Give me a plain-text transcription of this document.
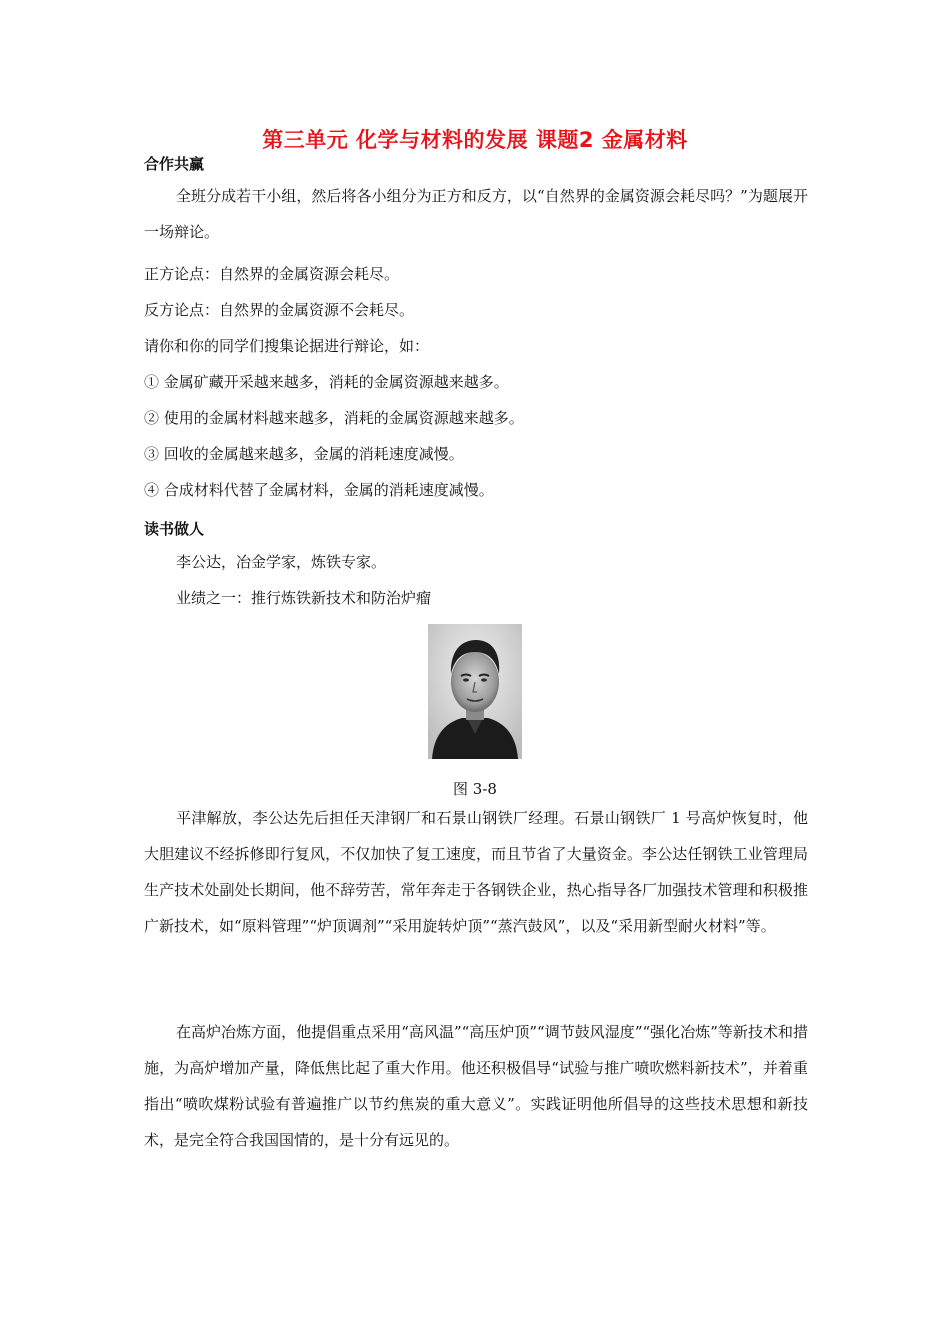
第三单元 化学与材料的发展 课题2 金属材料
合作共赢
全班分成若干小组，然后将各小组分为正方和反方，以“自然界的金属资源会耗尽吗？”为题展开一场辩论。
正方论点：自然界的金属资源会耗尽。
反方论点：自然界的金属资源不会耗尽。
请你和你的同学们搜集论据进行辩论，如：
① 金属矿藏开采越来越多，消耗的金属资源越来越多。
② 使用的金属材料越来越多，消耗的金属资源越来越多。
③ 回收的金属越来越多，金属的消耗速度减慢。
④ 合成材料代替了金属材料，金属的消耗速度减慢。
读书做人
李公达，冶金学家，炼铁专家。
业绩之一：推行炼铁新技术和防治炉瘤
图 3-8
平津解放，李公达先后担任天津钢厂和石景山钢铁厂经理。石景山钢铁厂 1 号高炉恢复时，他大胆建议不经拆修即行复风，不仅加快了复工速度，而且节省了大量资金。李公达任钢铁工业管理局生产技术处副处长期间，他不辞劳苦，常年奔走于各钢铁企业，热心指导各厂加强技术管理和积极推广新技术，如“原料管理”“炉顶调剂”“采用旋转炉顶”“蒸汽鼓风”，以及“采用新型耐火材料”等。
在高炉冶炼方面，他提倡重点采用“高风温”“高压炉顶”“调节鼓风湿度”“强化冶炼”等新技术和措施，为高炉增加产量，降低焦比起了重大作用。他还积极倡导“试验与推广喷吹燃料新技术”，并着重指出“喷吹煤粉试验有普遍推广以节约焦炭的重大意义”。实践证明他所倡导的这些技术思想和新技术，是完全符合我国国情的，是十分有远见的。
